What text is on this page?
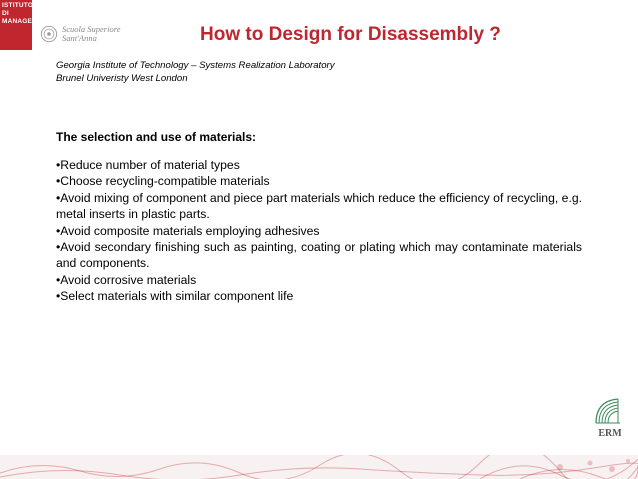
ISTITUTO
DI MANAGEMENT
Scuola Superiore
Sant'Anna	How to Design for Disassembly ?
Georgia Institute of Technology – Systems Realization Laboratory
Brunel Univeristy West London
The selection and use of materials:
•Reduce number of material types
•Choose recycling-compatible materials
•Avoid mixing of component and piece part materials which reduce the efficiency of recycling, e.g. metal inserts in plastic parts.
•Avoid composite materials employing adhesives
•Avoid secondary finishing such as painting, coating or plating which may contaminate materials and components.
•Avoid corrosive materials
•Select materials with similar component life
ERM
